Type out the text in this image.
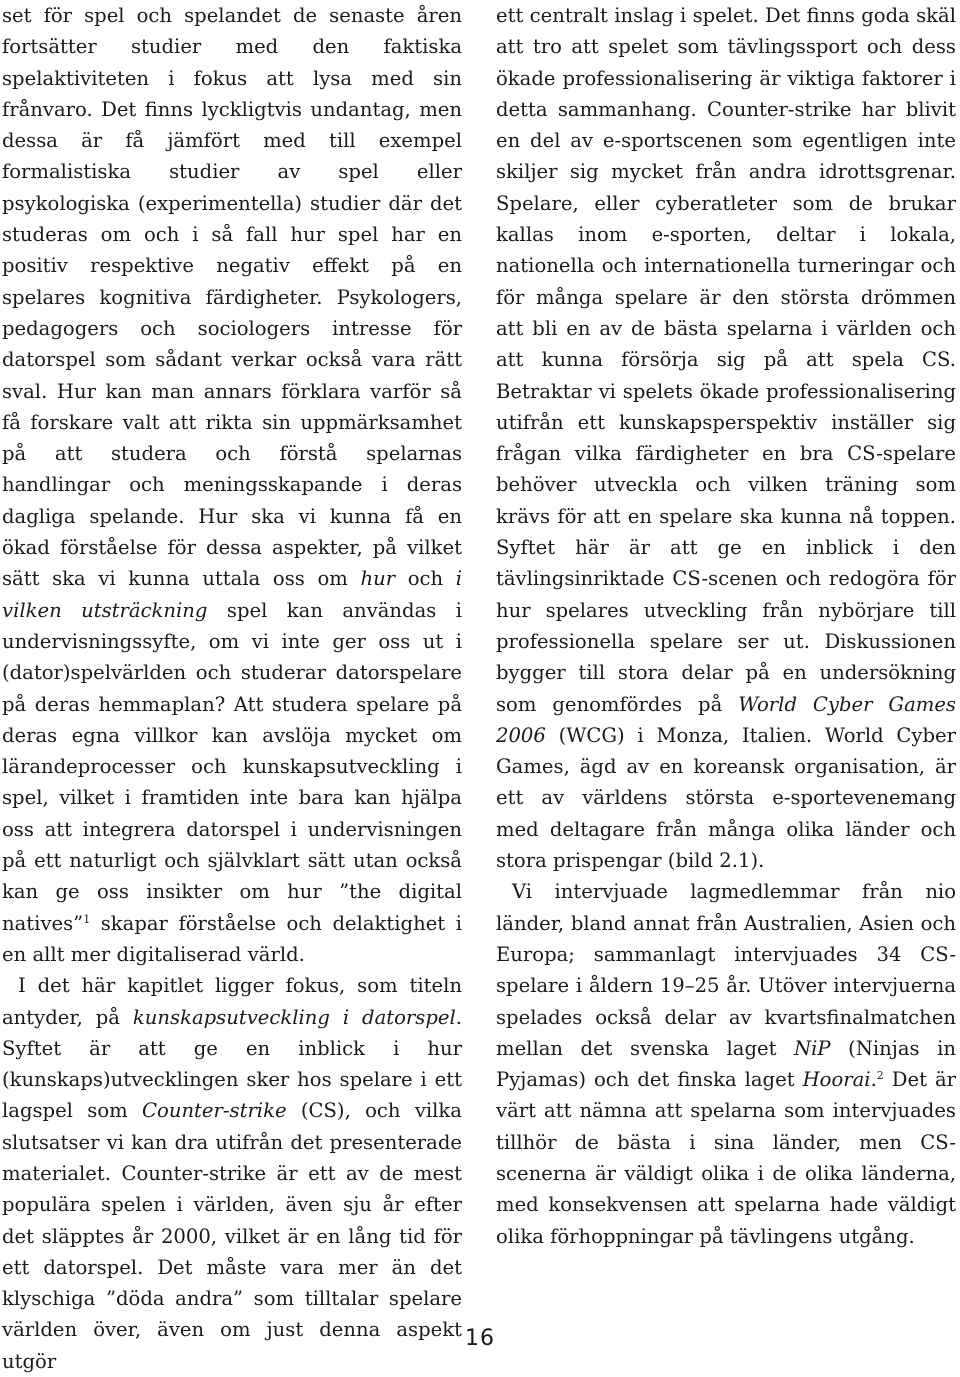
set för spel och spelandet de senaste åren fortsätter studier med den faktiska spelaktiviteten i fokus att lysa med sin frånvaro. Det finns lyckligtvis undantag, men dessa är få jämfört med till exempel formalistiska studier av spel eller psykologiska (experimentella) studier där det studeras om och i så fall hur spel har en positiv respektive negativ effekt på en spelares kognitiva färdigheter. Psykologers, pedagogers och sociologers intresse för datorspel som sådant verkar också vara rätt sval. Hur kan man annars förklara varför så få forskare valt att rikta sin uppmärksamhet på att studera och förstå spelarnas handlingar och meningsskapande i deras dagliga spelande. Hur ska vi kunna få en ökad förståelse för dessa aspekter, på vilket sätt ska vi kunna uttala oss om hur och i vilken utsträckning spel kan användas i undervisningssyfte, om vi inte ger oss ut i (dator)spelvärlden och studerar datorspelare på deras hemmaplan? Att studera spelare på deras egna villkor kan avslöja mycket om lärandeprocesser och kunskapsutveckling i spel, vilket i framtiden inte bara kan hjälpa oss att integrera datorspel i undervisningen på ett naturligt och självklart sätt utan också kan ge oss insikter om hur ”the digital natives”$^1$ skapar förståelse och delaktighet i en allt mer digitaliserad värld.

I det här kapitlet ligger fokus, som titeln antyder, på kunskapsutveckling i datorspel. Syftet är att ge en inblick i hur (kunskaps)utvecklingen sker hos spelare i ett lagspel som Counter-strike (CS), och vilka slutsatser vi kan dra utifrån det presenterade materialet. Counter-strike är ett av de mest populära spelen i världen, även sju år efter det släpptes år 2000, vilket är en lång tid för ett datorspel. Det måste vara mer än det klyschiga ”döda andra” som tilltalar spelare världen över, även om just denna aspekt utgör

ett centralt inslag i spelet. Det finns goda skäl att tro att spelet som tävlingssport och dess ökade professionalisering är viktiga faktorer i detta sammanhang. Counter-strike har blivit en del av e-sportscenen som egentligen inte skiljer sig mycket från andra idrottsgrenar. Spelare, eller cyberatleter som de brukar kallas inom e-sporten, deltar i lokala, nationella och internationella turneringar och för många spelare är den största drömmen att bli en av de bästa spelarna i världen och att kunna försörja sig på att spela CS. Betraktar vi spelets ökade professionalisering utifrån ett kunskapsperspektiv inställer sig frågan vilka färdigheter en bra CS-spelare behöver utveckla och vilken träning som krävs för att en spelare ska kunna nå toppen. Syftet här är att ge en inblick i den tävlingsinriktade CS-scenen och redogöra för hur spelares utveckling från nybörjare till professionella spelare ser ut. Diskussionen bygger till stora delar på en undersökning som genomfördes på World Cyber Games 2006 (WCG) i Monza, Italien. World Cyber Games, ägd av en koreansk organisation, är ett av världens största e-sportevenemang med deltagare från många olika länder och stora prispengar (bild 2.1).

Vi intervjuade lagmedlemmar från nio länder, bland annat från Australien, Asien och Europa; sammanlagt intervjuades 34 CS-spelare i åldern 19–25 år. Utöver intervjuerna spelades också delar av kvartsfinalmatchen mellan det svenska laget NiP (Ninjas in Pyjamas) och det finska laget Hoorai.$^2$ Det är värt att nämna att spelarna som intervjuades tillhör de bästa i sina länder, men CS-scenerna är väldigt olika i de olika länderna, med konsekvensen att spelarna hade väldigt olika förhoppningar på tävlingens utgång.

16
